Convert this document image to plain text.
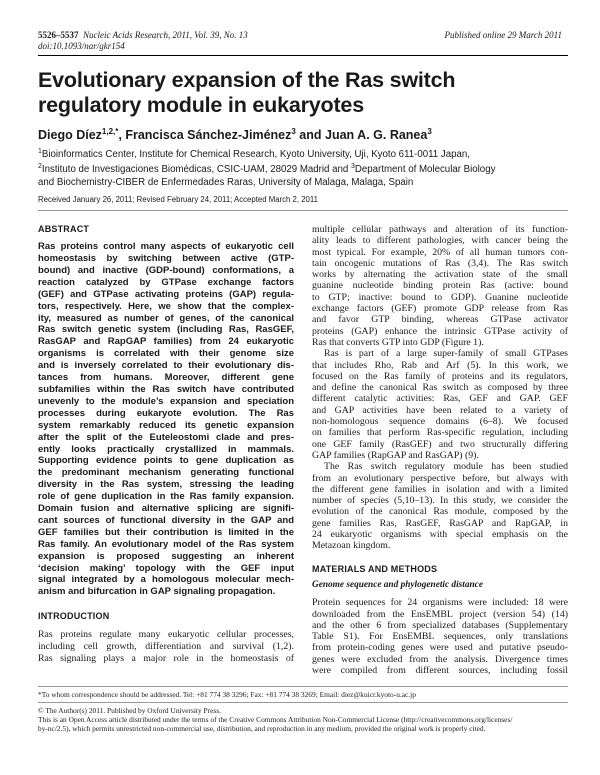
5526–5537 Nucleic Acids Research, 2011, Vol. 39, No. 13
doi:10.1093/nar/gkr154
Published online 29 March 2011
Evolutionary expansion of the Ras switch
regulatory module in eukaryotes
Diego Díez$^{1,2,*}$, Francisca Sánchez-Jiménez$^3$ and Juan A. G. Ranea$^3$
$^1$Bioinformatics Center, Institute for Chemical Research, Kyoto University, Uji, Kyoto 611-0011 Japan,
$^2$Instituto de Investigaciones Biomédicas, CSIC-UAM, 28029 Madrid and $^3$Department of Molecular Biology
and Biochemistry-CIBER de Enfermedades Raras, University of Malaga, Malaga, Spain
Received January 26, 2011; Revised February 24, 2011; Accepted March 2, 2011
ABSTRACT
Ras proteins control many aspects of eukaryotic cell
homeostasis by switching between active (GTP-
bound) and inactive (GDP-bound) conformations, a
reaction catalyzed by GTPase exchange factors
(GEF) and GTPase activating proteins (GAP) regula-
tors, respectively. Here, we show that the complex-
ity, measured as number of genes, of the canonical
Ras switch genetic system (including Ras, RasGEF,
RasGAP and RapGAP families) from 24 eukaryotic
organisms is correlated with their genome size
and is inversely correlated to their evolutionary dis-
tances from humans. Moreover, different gene
subfamilies within the Ras switch have contributed
unevenly to the module’s expansion and speciation
processes during eukaryote evolution. The Ras
system remarkably reduced its genetic expansion
after the split of the Euteleostomi clade and pres-
ently looks practically crystallized in mammals.
Supporting evidence points to gene duplication as
the predominant mechanism generating functional
diversity in the Ras system, stressing the leading
role of gene duplication in the Ras family expansion.
Domain fusion and alternative splicing are signifi-
cant sources of functional diversity in the GAP and
GEF families but their contribution is limited in the
Ras family. An evolutionary model of the Ras system
expansion is proposed suggesting an inherent
‘decision making’ topology with the GEF input
signal integrated by a homologous molecular mech-
anism and bifurcation in GAP signaling propagation.
INTRODUCTION
Ras proteins regulate many eukaryotic cellular processes,
including cell growth, differentiation and survival (1,2).
Ras signaling plays a major role in the homeostasis of
multiple cellular pathways and alteration of its function-
ality leads to different pathologies, with cancer being the
most typical. For example, 20% of all human tumors con-
tain oncogenic mutations of Ras (3,4). The Ras switch
works by alternating the activation state of the small
guanine nucleotide binding protein Ras (active: bound
to GTP; inactive: bound to GDP). Guanine nucleotide
exchange factors (GEF) promote GDP release from Ras
and favor GTP binding, whereas GTPase activator
proteins (GAP) enhance the intrinsic GTPase activity of
Ras that converts GTP into GDP (Figure 1).
Ras is part of a large super-family of small GTPases
that includes Rho, Rab and Arf (5). In this work, we
focused on the Ras family of proteins and its regulators,
and define the canonical Ras switch as composed by three
different catalytic activities: Ras, GEF and GAP. GEF
and GAP activities have been related to a variety of
non-homologous sequence domains (6–8). We focused
on families that perform Ras-specific regulation, including
one GEF family (RasGEF) and two structurally differing
GAP families (RapGAP and RasGAP) (9).
The Ras switch regulatory module has been studied
from an evolutionary perspective before, but always with
the different gene families in isolation and with a limited
number of species (5,10–13). In this study, we consider the
evolution of the canonical Ras module, composed by the
gene families Ras, RasGEF, RasGAP and RapGAP, in
24 eukaryotic organisms with special emphasis on the
Metazoan kingdom.
MATERIALS AND METHODS
Genome sequence and phylogenetic distance
Protein sequences for 24 organisms were included: 18 were
downloaded from the EnsEMBL project (version 54) (14)
and the other 6 from specialized databases (Supplementary
Table S1). For EnsEMBL sequences, only translations
from protein-coding genes were used and putative pseudo-
genes were excluded from the analysis. Divergence times
were compiled from different sources, including fossil
*To whom correspondence should be addressed. Tel: +81 774 38 3296; Fax: +81 774 38 3269; Email: diez@kuicr.kyoto-u.ac.jp
© The Author(s) 2011. Published by Oxford University Press.
This is an Open Access article distributed under the terms of the Creative Commons Attribution Non-Commercial License (http://creativecommons.org/licenses/
by-nc/2.5), which permits unrestricted non-commercial use, distribution, and reproduction in any medium, provided the original work is properly cited.
